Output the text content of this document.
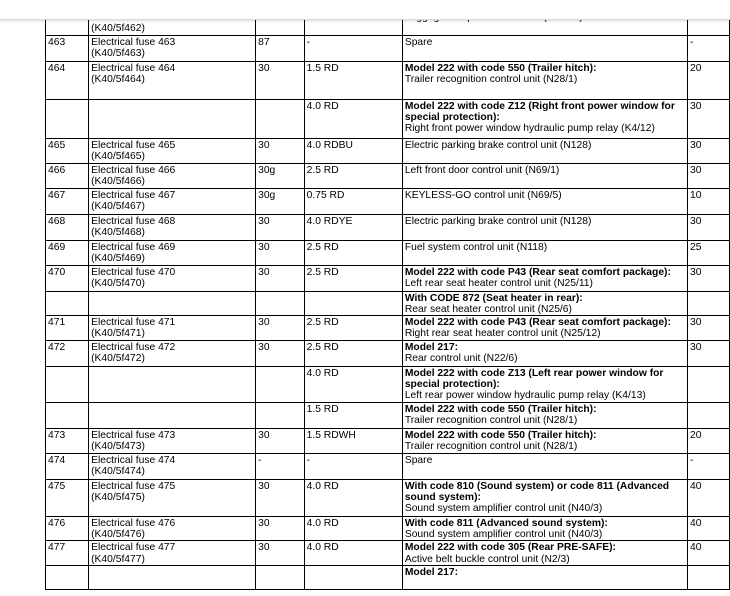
(K40/5f462)

463	Electrical fuse 463
(K40/5f463)	87	-	Spare	-

464	Electrical fuse 464
(K40/5f464)	30	1.5 RD	Model 222 with code 550 (Trailer hitch):
Trailer recognition control unit (N28/1)	20

			4.0 RD	Model 222 with code Z12 (Right front power window for
special protection):
Right front power window hydraulic pump relay (K4/12)	30

465	Electrical fuse 465
(K40/5f465)	30	4.0 RDBU	Electric parking brake control unit (N128)	30

466	Electrical fuse 466
(K40/5f466)	30g	2.5 RD	Left front door control unit (N69/1)	30

467	Electrical fuse 467
(K40/5f467)	30g	0.75 RD	KEYLESS-GO control unit (N69/5)	10

468	Electrical fuse 468
(K40/5f468)	30	4.0 RDYE	Electric parking brake control unit (N128)	30

469	Electrical fuse 469
(K40/5f469)	30	2.5 RD	Fuel system control unit (N118)	25

470	Electrical fuse 470
(K40/5f470)	30	2.5 RD	Model 222 with code P43 (Rear seat comfort package):
Left rear seat heater control unit (N25/11)	30

				With CODE 872 (Seat heater in rear):
Rear seat heater control unit (N25/6)	

471	Electrical fuse 471
(K40/5f471)	30	2.5 RD	Model 222 with code P43 (Rear seat comfort package):
Right rear seat heater control unit (N25/12)	30

472	Electrical fuse 472
(K40/5f472)	30	2.5 RD	Model 217:
Rear control unit (N22/6)	30

			4.0 RD	Model 222 with code Z13 (Left rear power window for
special protection):
Left rear power window hydraulic pump relay (K4/13)	

			1.5 RD	Model 222 with code 550 (Trailer hitch):
Trailer recognition control unit (N28/1)	

473	Electrical fuse 473
(K40/5f473)	30	1.5 RDWH	Model 222 with code 550 (Trailer hitch):
Trailer recognition control unit (N28/1)	20

474	Electrical fuse 474
(K40/5f474)	-	-	Spare	-

475	Electrical fuse 475
(K40/5f475)	30	4.0 RD	With code 810 (Sound system) or code 811 (Advanced
sound system):
Sound system amplifier control unit (N40/3)	40

476	Electrical fuse 476
(K40/5f476)	30	4.0 RD	With code 811 (Advanced sound system):
Sound system amplifier control unit (N40/3)	40

477	Electrical fuse 477
(K40/5f477)	30	4.0 RD	Model 222 with code 305 (Rear PRE-SAFE):
Active belt buckle control unit (N2/3)	40

				Model 217:	
